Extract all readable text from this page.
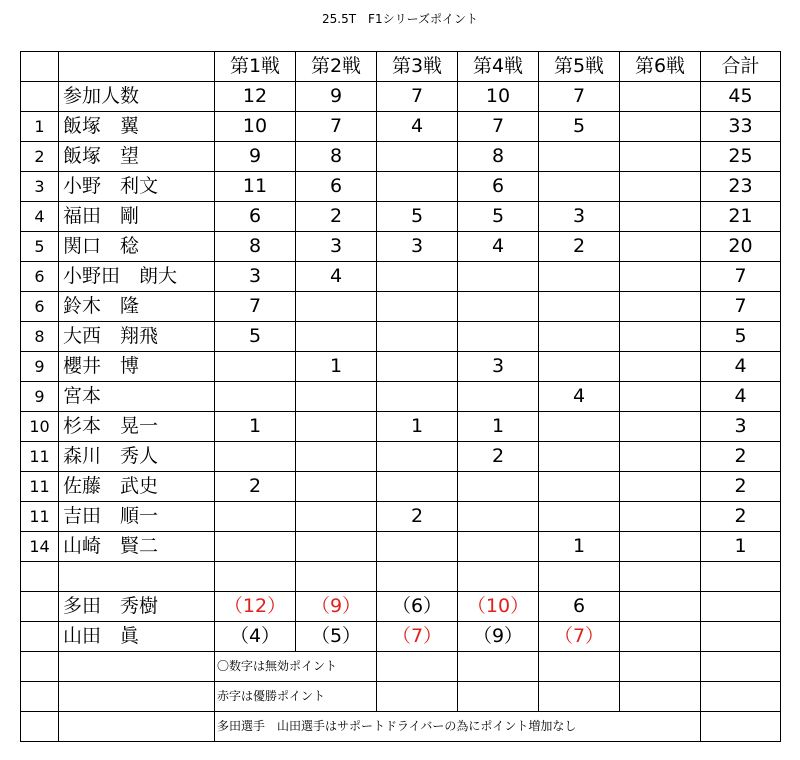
25.5T　F1シリーズポイント
		第1戦	第2戦	第3戦	第4戦	第5戦	第6戦	合計
	参加人数	12	9	7	10	7		45
1	飯塚　翼	10	7	4	7	5		33
2	飯塚　望	9	8		8			25
3	小野　利文	11	6		6			23
4	福田　剛	6	2	5	5	3		21
5	関口　稔	8	3	3	4	2		20
6	小野田　朗大	3	4					7
6	鈴木　隆	7						7
8	大西　翔飛	5						5
9	櫻井　博		1		3			4
9	宮本					4		4
10	杉本　晃一	1		1	1			3
11	森川　秀人				2			2
11	佐藤　武史	2						2
11	吉田　順一			2				2
14	山崎　賢二					1		1

	多田　秀樹	（12）	（9）	（6）	（10）	6		
	山田　眞	（4）	（5）	（7）	（9）	（7）		
		〇数字は無効ポイント						
		赤字は優勝ポイント						
		多田選手　山田選手はサポートドライバーの為にポイント増加なし						
